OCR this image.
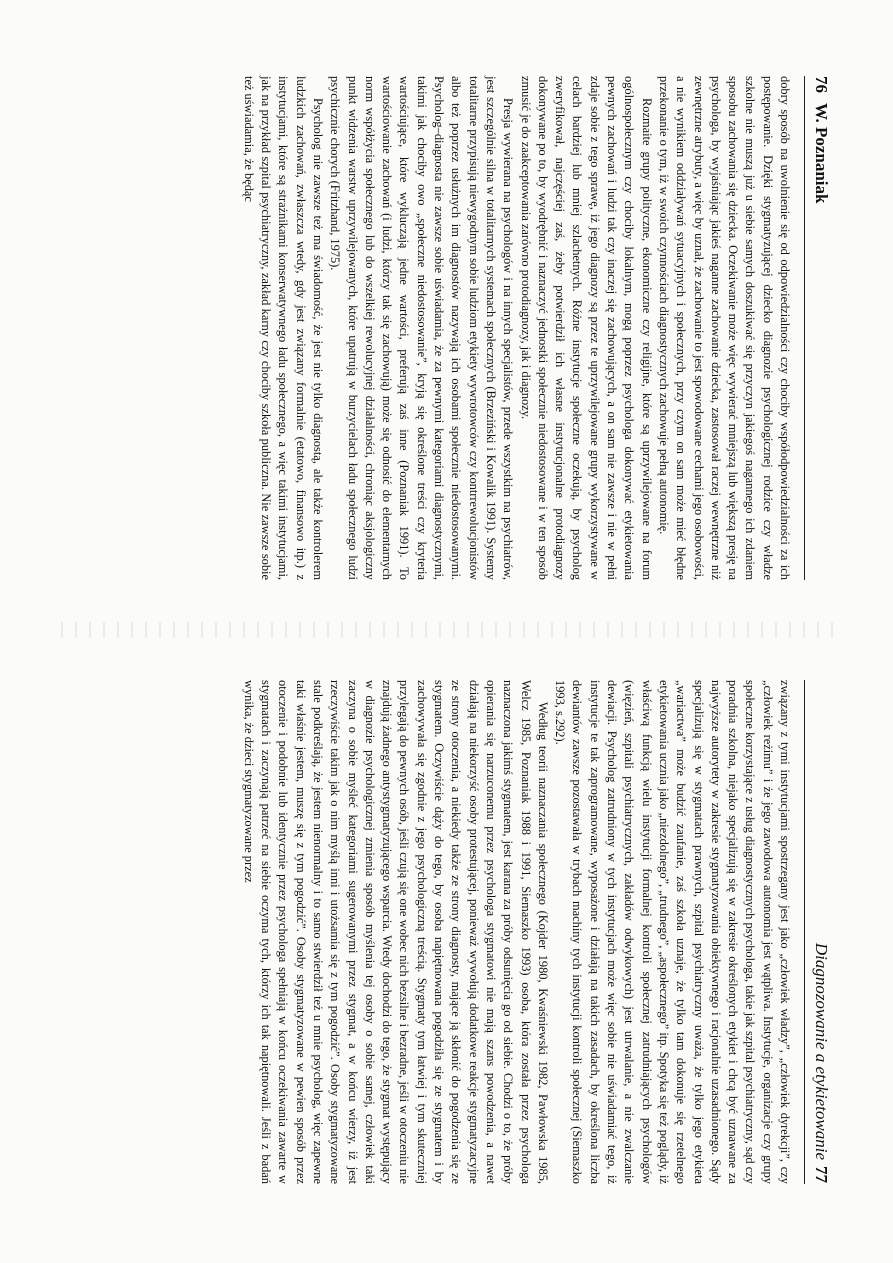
76W. Poznaniak

dobry sposób na uwolnienie się od odpowiedzialności czy chociby współodpowiedzialności za ich postępowanie. Dzięki stygmatyzującej dziecko diagnozie psychologicznej rodzice czy władze szkolne nie muszą już u siebie samych doszukiwać się przyczyn jakiegoś nagannego ich zdaniem sposobu zachowania się dziecka. Oczekiwanie może więc wywierać mniejszą lub większą presję na psychologa, by wyjaśniając jakieś naganne zachowanie dziecka, zastosował raczej wewnętrzne niż zewnętrzne atrybuty, a więc by uznał, że zachowanie to jest spowodowane cechami jego osobowości, a nie wynikiem oddziaływań sytuacyjnych i społecznych, przy czym on sam może mieć błędne przekonanie o tym, iż w swoich czynnościach diagnostycznych zachowuje pełną autonomię.

Rozmaite grupy polityczne, ekonomiczne czy religijne, które są uprzywilejowane na forum ogólnospołecznym czy chociby lokalnym, mogą poprzez psychologa dokonywać etykietowania pewnych zachowań i ludzi tak czy inaczej się zachowujących, a on sam nie zawsze i nie w pełni zdaje sobie z tego sprawę, iż jego diagnozy są przez te uprzywilejowane grupy wykorzystywane w celach bardziej lub mniej szlachetnych. Różne instytucje społeczne oczekują, by psycholog zweryfikował, najczęściej zaś, żeby potwierdził ich własne instytucjonalne protodiagnozy dokonywane po to, by wyodrębnić i naznaczyć jednostki społecznie niedostosowane i w ten sposób zmusić je do zaakceptowania zarówno protodiagnozy, jak i diagnozy.

Presja wywierana na psychologów i na innych specjalistów, przede wszystkim na psychiatrów, jest szczególnie silna w totalitarnych systemach społecznych (Brzeziński i Kowalik 1991). Systemy totalitarne przypisują niewygodnym sobie ludziom etykiety wywrotowców czy kontrrewolucjonistów albo też poprzez usłużnych im diagnostów nazywają ich osobami społecznie niedostosowanymi. Psycholog–diagnosta nie zawsze sobie uświadamia, że za pewnymi kategoriami diagnostycznymi, takimi jak chociby owo „społeczne niedostosowanie”, kryją się określone treści czy kryteria wartościujące, które wykluczają jedne wartości, preferują zaś inne (Poznaniak 1991). To wartościowanie zachowań (i ludzi, którzy tak się zachowują) może się odnosić do elementarnych norm współżycia społecznego lub do wszelkiej rewolucyjnej działalności, chroniąc aksjologiczny punkt widzenia warstw uprzywilejowanych, które upatrują w burzycielach ładu społecznego ludzi psychicznie chorych (Fritzhand, 1975).

Psycholog nie zawsze też ma świadomość, że jest nie tylko diagnostą, ale także kontrolerem ludzkich zachowań, zwłaszcza wtedy, gdy jest związany formalnie (etatowo, finansowo itp.) z instytucjami, które są strażnikami konserwatywnego ładu społecznego, a więc takimi instytucjami, jak na przykład szpital psychiatryczny, zakład karny czy chociby szkoła publiczna. Nie zawsze sobie też uświadamia, że będąc

Diagnozowanie a etykietowanie77

związany z tymi instytucjami spostrzegany jest jako „człowiek władzy”, „człowiek dyrekcji”, czy „człowiek reżimu” i że jego zawodowa autonomia jest wątpliwa. Instytucje, organizacje czy grupy społeczne korzystające z usług diagnostycznych psychologa, takie jak szpital psychiatryczny, sąd czy poradnia szkolna, niejako specjalizują się w zakresie określonych etykiet i chcą być uznawane za najwyższe autorytety w zakresie stygmatyzowania obiektywnego i racjonalnie uzasadnionego. Sądy specjalizują się w stygmatach prawnych, szpital psychiatryczny uważa, że tylko jego etykieta „wariactwa” może budzić zaufanie, zaś szkoła uznaje, że tylko tam dokonuje się rzetelnego etykietowania ucznia jako „niezdolnego”, „trudnego”, „aspołecznego” itp. Spotyka się też poglądy, iż właściwą funkcją wielu instytucji formalnej kontroli społecznej zatrudniających psychologów (więzień, szpitali psychiatrycznych, zakładów odwykowych) jest utrwalanie, a nie zwalczanie dewiacji. Psycholog zatrudniony w tych instytucjach może więc sobie nie uświadamiać tego, iż instytucje te tak zaprogramowane, wyposażone i działają na takich zasadach, by określona liczba dewiantów zawsze pozostawała w trybach machiny tych instytucji kontroli społecznej (Siemaszko 1993, s.292).

Według teorii naznaczania społecznego (Kojder 1980, Kwaśniewski 1982, Pawłowska 1985, Welcz 1985, Poznaniak 1988 i 1991, Siemaszko 1993) osoba, która została przez psychologa naznaczona jakimś stygmatem, jest karana za próby odsunięcia go od siebie. Chodzi o to, że próby opierania się narzuconemu przez psychologa stygmatowi nie mają szans powodzenia, a nawet działają na niekorzyść osoby protestującej, ponieważ wywołują dodatkowe reakcje stygmatyzacyjne ze strony otoczenia, a niekiedy także ze strony diagnosty, mające ją skłonić do pogodzenia się ze stygmatem. Oczywiście dąży do tego, by osoba napiętnowana pogodziła się ze stygmatem i by zachowywała się zgodnie z jego psychologiczną treścią. Stygmaty tym łatwiej i tym skuteczniej przylegają do pewnych osób, jeśli czują się one wobec nich bezsilne i bezradne, jeśli w otoczeniu nie znajdują żadnego antystygmatyzującego wsparcia. Wtedy dochodzi do tego, że stygmat występujący w diagnozie psychologicznej zmienia sposób myślenia tej osoby o sobie samej, człowiek taki zaczyna o sobie myśleć kategoriami sugerowanymi przez stygmat, a w końcu wierzy, iż jest rzeczywiście takim jak o nim myślą inni i utożsamia się z tym pogodzić”. Osoby stygmatyzowane stale podkreślają, że jestem nienormalny i to samo stwierdził też u mnie psycholog, więc zapewne taki właśnie jestem, muszę się z tym pogodzić”. Osoby stygmatyzowane w pewien sposób przez otoczenie i podobnie lub identycznie przez psychologa spełniają w końcu oczekiwania zawarte w stygmatach i zaczynają patrzeć na siebie oczyma tych, którzy ich tak napiętnowali. Jeśli z badań wynika, że dzieci stygmatyzowane przez
